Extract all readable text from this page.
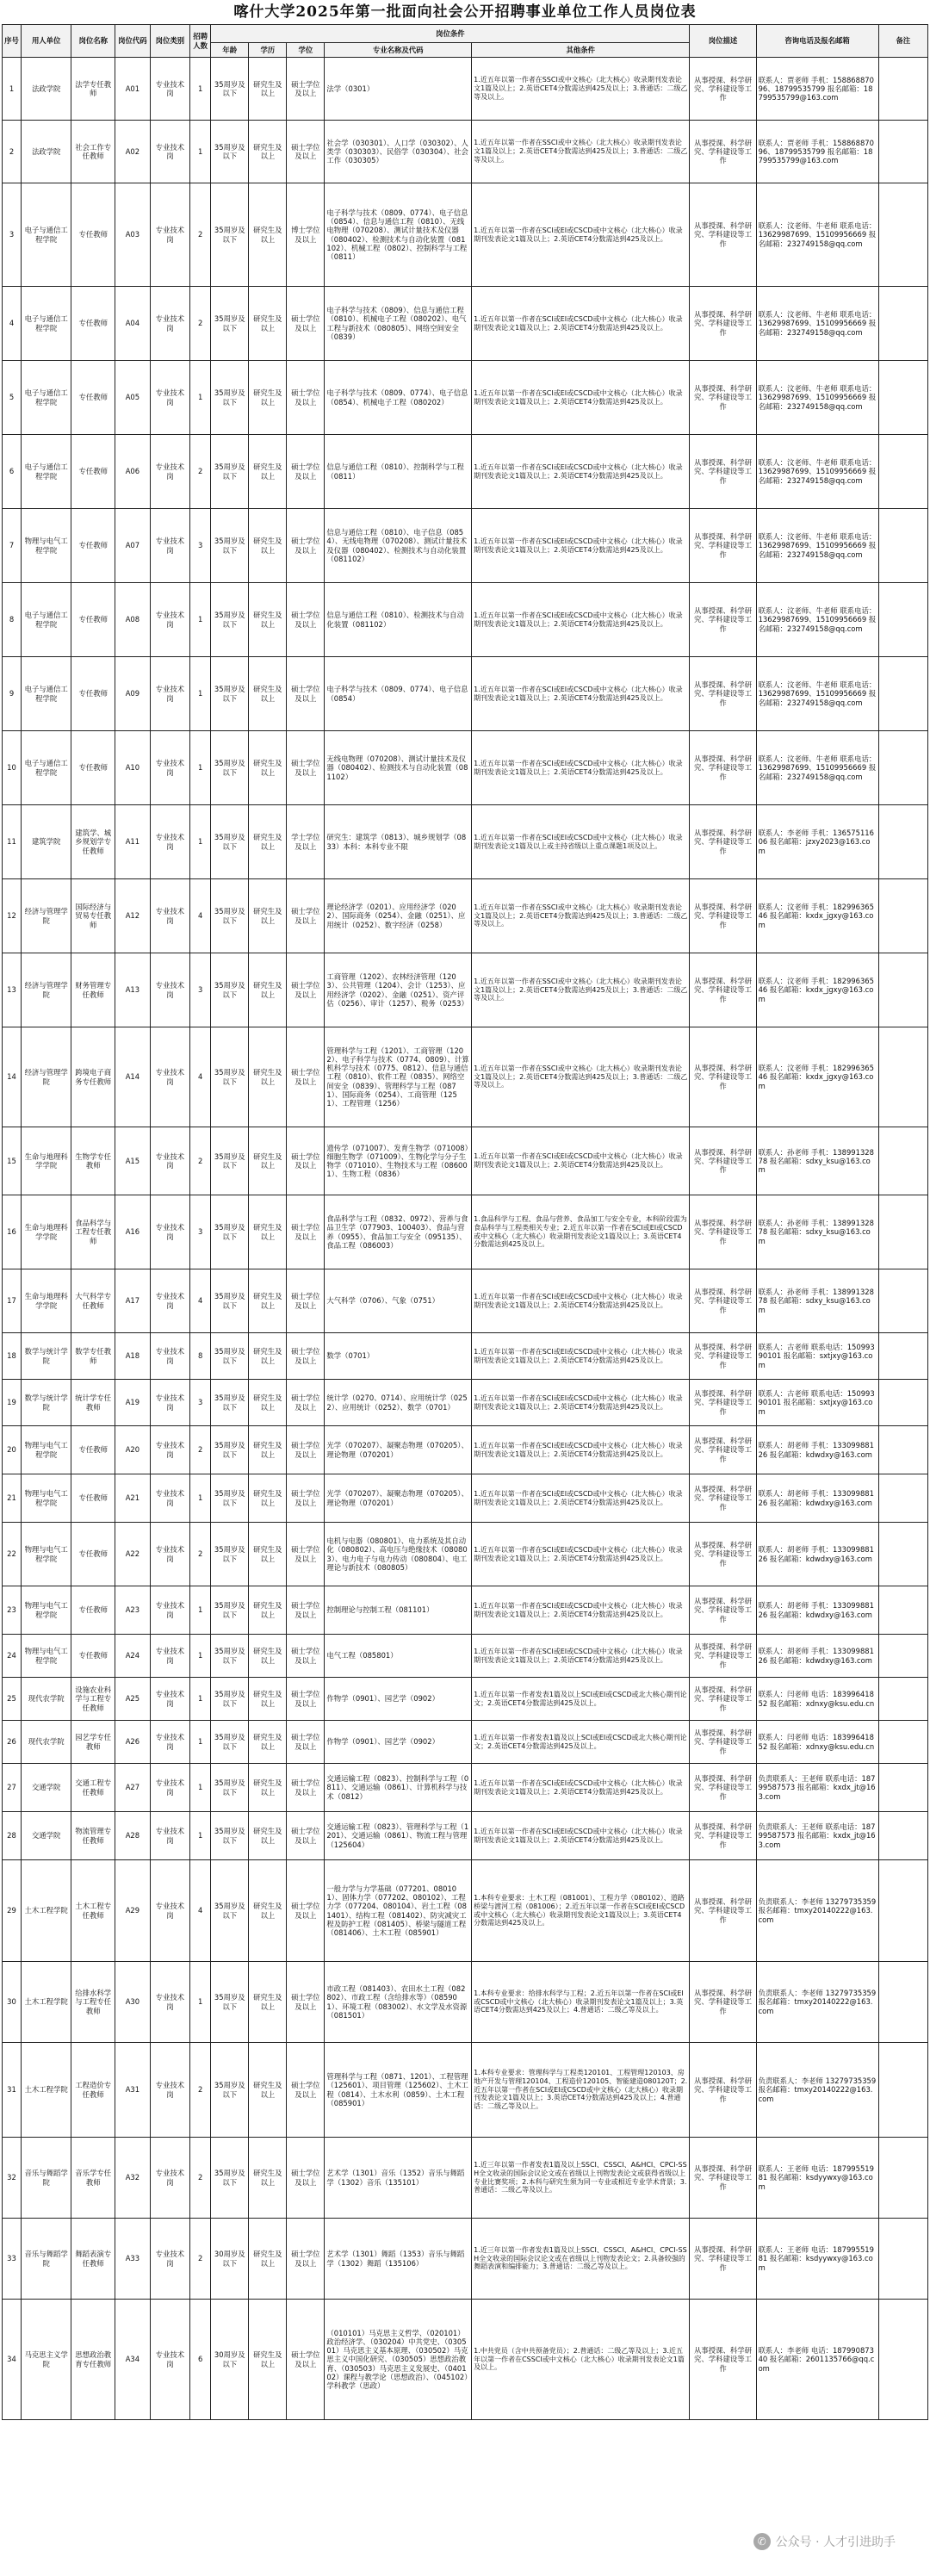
喀什大学2025年第一批面向社会公开招聘事业单位工作人员岗位表
序号	用人单位	岗位名称	岗位代码	岗位类别	招聘人数	岗位条件					岗位描述	咨询电话及报名邮箱	备注
						年龄	学历	学位	专业名称及代码	其他条件			
1	法政学院	法学专任教师	A01	专业技术岗	1	35周岁及以下	研究生及以上	硕士学位及以上	法学（0301）	1.近五年以第一作者在SSCI或中文核心（北大核心）收录期刊发表论文1篇及以上；2.英语CET4分数需达到425及以上；3.普通话：二级乙等及以上。	从事授课、科学研究、学科建设等工作	联系人：贾老师 手机：15886887096、18799535799 报名邮箱：18799535799@163.com	
2	法政学院	社会工作专任教师	A02	专业技术岗	1	35周岁及以下	研究生及以上	硕士学位及以上	社会学（030301）、人口学（030302）、人类学（030303）、民俗学（030304）、社会工作（030305）	1.近五年以第一作者在SSCI或中文核心（北大核心）收录期刊发表论文1篇及以上；2.英语CET4分数需达到425及以上；3.普通话：二级乙等及以上。	从事授课、科学研究、学科建设等工作	联系人：贾老师 手机：15886887096、18799535799 报名邮箱：18799535799@163.com	
3	电子与通信工程学院	专任教师	A03	专业技术岗	2	35周岁及以下	研究生及以上	博士学位及以上	电子科学与技术（0809、0774）、电子信息（0854）、信息与通信工程（0810）、无线电物理（070208）、测试计量技术及仪器（080402）、检测技术与自动化装置（081102）、机械工程（0802）、控制科学与工程（0811）	1.近五年以第一作者在SCI或EI或CSCD或中文核心（北大核心）收录期刊发表论文1篇及以上；2.英语CET4分数需达到425及以上。	从事授课、科学研究、学科建设等工作	联系人：汶老师、牛老师 联系电话：13629987699、15109956669 报名邮箱：232749158@qq.com	
4	电子与通信工程学院	专任教师	A04	专业技术岗	2	35周岁及以下	研究生及以上	硕士学位及以上	电子科学与技术（0809）、信息与通信工程（0810）、机械电子工程（080202）、电气工程与新技术（080805）、网络空间安全（0839）	1.近五年以第一作者在SCI或EI或CSCD或中文核心（北大核心）收录期刊发表论文1篇及以上；2.英语CET4分数需达到425及以上。	从事授课、科学研究、学科建设等工作	联系人：汶老师、牛老师 联系电话：13629987699、15109956669 报名邮箱：232749158@qq.com	
5	电子与通信工程学院	专任教师	A05	专业技术岗	1	35周岁及以下	研究生及以上	硕士学位及以上	电子科学与技术（0809、0774）、电子信息（0854）、机械电子工程（080202）	1.近五年以第一作者在SCI或EI或CSCD或中文核心（北大核心）收录期刊发表论文1篇及以上；2.英语CET4分数需达到425及以上。	从事授课、科学研究、学科建设等工作	联系人：汶老师、牛老师 联系电话：13629987699、15109956669 报名邮箱：232749158@qq.com	
6	电子与通信工程学院	专任教师	A06	专业技术岗	2	35周岁及以下	研究生及以上	硕士学位及以上	信息与通信工程（0810）、控制科学与工程（0811）	1.近五年以第一作者在SCI或EI或CSCD或中文核心（北大核心）收录期刊发表论文1篇及以上；2.英语CET4分数需达到425及以上。	从事授课、科学研究、学科建设等工作	联系人：汶老师、牛老师 联系电话：13629987699、15109956669 报名邮箱：232749158@qq.com	
7	物理与电气工程学院	专任教师	A07	专业技术岗	3	35周岁及以下	研究生及以上	硕士学位及以上	信息与通信工程（0810）、电子信息（0854）、无线电物理（070208）、测试计量技术及仪器（080402）、检测技术与自动化装置（081102）	1.近五年以第一作者在SCI或EI或CSCD或中文核心（北大核心）收录期刊发表论文1篇及以上；2.英语CET4分数需达到425及以上。	从事授课、科学研究、学科建设等工作	联系人：汶老师、牛老师 联系电话：13629987699、15109956669 报名邮箱：232749158@qq.com	
8	电子与通信工程学院	专任教师	A08	专业技术岗	1	35周岁及以下	研究生及以上	硕士学位及以上	信息与通信工程（0810）、检测技术与自动化装置（081102）	1.近五年以第一作者在SCI或EI或CSCD或中文核心（北大核心）收录期刊发表论文1篇及以上；2.英语CET4分数需达到425及以上。	从事授课、科学研究、学科建设等工作	联系人：汶老师、牛老师 联系电话：13629987699、15109956669 报名邮箱：232749158@qq.com	
9	电子与通信工程学院	专任教师	A09	专业技术岗	1	35周岁及以下	研究生及以上	硕士学位及以上	电子科学与技术（0809、0774）、电子信息（0854）	1.近五年以第一作者在SCI或EI或CSCD或中文核心（北大核心）收录期刊发表论文1篇及以上；2.英语CET4分数需达到425及以上。	从事授课、科学研究、学科建设等工作	联系人：汶老师、牛老师 联系电话：13629987699、15109956669 报名邮箱：232749158@qq.com	
10	电子与通信工程学院	专任教师	A10	专业技术岗	1	35周岁及以下	研究生及以上	硕士学位及以上	无线电物理（070208）、测试计量技术及仪器（080402）、检测技术与自动化装置（081102）	1.近五年以第一作者在SCI或EI或CSCD或中文核心（北大核心）收录期刊发表论文1篇及以上；2.英语CET4分数需达到425及以上。	从事授课、科学研究、学科建设等工作	联系人：汶老师、牛老师 联系电话：13629987699、15109956669 报名邮箱：232749158@qq.com	
11	建筑学院	建筑学、城乡规划学专任教师	A11	专业技术岗	1	35周岁及以下	研究生及以上	学士学位及以上	研究生：建筑学（0813）、城乡规划学（0833）本科：本科专业不限	1.近五年以第一作者在SCI或EI或CSCD或中文核心（北大核心）收录期刊发表论文1篇及以上或主持省级以上重点课题1项及以上。	从事授课、科学研究、学科建设等工作	联系人：李老师 手机：13657511606 报名邮箱：jzxy2023@163.com	
12	经济与管理学院	国际经济与贸易专任教师	A12	专业技术岗	4	35周岁及以下	研究生及以上	硕士学位及以上	理论经济学（0201）、应用经济学（0202）、国际商务（0254）、金融（0251）、应用统计（0252）、数字经济（0258）	1.近五年以第一作者在SSCI或中文核心（北大核心）收录期刊发表论文1篇及以上；2.英语CET4分数需达到425及以上；3.普通话：二级乙等及以上。	从事授课、科学研究、学科建设等工作	联系人：汶老师 手机：18299636546 报名邮箱：kxdx_jgxy@163.com	
13	经济与管理学院	财务管理专任教师	A13	专业技术岗	3	35周岁及以下	研究生及以上	硕士学位及以上	工商管理（1202）、农林经济管理（1203）、公共管理（1204）、会计（1253）、应用经济学（0202）、金融（0251）、资产评估（0256）、审计（1257）、税务（0253）	1.近五年以第一作者在SSCI或中文核心（北大核心）收录期刊发表论文1篇及以上；2.英语CET4分数需达到425及以上；3.普通话：二级乙等及以上。	从事授课、科学研究、学科建设等工作	联系人：汶老师 手机：18299636546 报名邮箱：kxdx_jgxy@163.com	
14	经济与管理学院	跨境电子商务专任教师	A14	专业技术岗	4	35周岁及以下	研究生及以上	硕士学位及以上	管理科学与工程（1201）、工商管理（1202）、电子科学与技术（0774、0809）、计算机科学与技术（0775、0812）、信息与通信工程（0810）、软件工程（0835）、网络空间安全（0839）、管理科学与工程（0871）、国际商务（0254）、工商管理（1251）、工程管理（1256）	1.近五年以第一作者在SSCI或中文核心（北大核心）收录期刊发表论文1篇及以上；2.英语CET4分数需达到425及以上；3.普通话：二级乙等及以上。	从事授课、科学研究、学科建设等工作	联系人：汶老师 手机：18299636546 报名邮箱：kxdx_jgxy@163.com	
15	生命与地理科学学院	生物学专任教师	A15	专业技术岗	2	35周岁及以下	研究生及以上	硕士学位及以上	遗传学（071007）、发育生物学（071008）细胞生物学（071009）、生物化学与分子生物学（071010）、生物技术与工程（086001）、生物工程（0836）	1.近五年以第一作者在SCI或EI或CSCD或中文核心（北大核心）收录期刊发表论文1篇及以上；2.英语CET4分数需达到425及以上。	从事授课、科学研究、学科建设等工作	联系人：孙老师 手机：13899132878 报名邮箱：sdxy_ksu@163.com	
16	生命与地理科学学院	食品科学与工程专任教师	A16	专业技术岗	3	35周岁及以下	研究生及以上	硕士学位及以上	食品科学与工程（0832、0972）、营养与食品卫生学（077903、100403）、食品与营养（0955）、食品加工与安全（095135）、食品工程（086003）	1.食品科学与工程、食品与营养、食品加工与安全专业，本科阶段需为食品科学与工程类相关专业；2.近五年以第一作者在SCI或EI或CSCD或中文核心（北大核心）收录期刊发表论文1篇及以上；3.英语CET4分数需达到425及以上。	从事授课、科学研究、学科建设等工作	联系人：孙老师 手机：13899132878 报名邮箱：sdxy_ksu@163.com	
17	生命与地理科学学院	大气科学专任教师	A17	专业技术岗	4	35周岁及以下	研究生及以上	硕士学位及以上	大气科学（0706）、气象（0751）	1.近五年以第一作者在SCI或EI或CSCD或中文核心（北大核心）收录期刊发表论文1篇及以上；2.英语CET4分数需达到425及以上。	从事授课、科学研究、学科建设等工作	联系人：孙老师 手机：13899132878 报名邮箱：sdxy_ksu@163.com	
18	数学与统计学院	数学专任教师	A18	专业技术岗	8	35周岁及以下	研究生及以上	硕士学位及以上	数学（0701）	1.近五年以第一作者在SCI或EI或CSCD或中文核心（北大核心）收录期刊发表论文1篇及以上；2.英语CET4分数需达到425及以上。	从事授课、科学研究、学科建设等工作	联系人：古老师 联系电话：15099390101 报名邮箱：sxtjxy@163.com	
19	数学与统计学院	统计学专任教师	A19	专业技术岗	3	35周岁及以下	研究生及以上	硕士学位及以上	统计学（0270、0714）、应用统计学（0252）、应用统计（0252）、数学（0701）	1.近五年以第一作者在SCI或EI或CSCD或中文核心（北大核心）收录期刊发表论文1篇及以上；2.英语CET4分数需达到425及以上。	从事授课、科学研究、学科建设等工作	联系人：古老师 联系电话：15099390101 报名邮箱：sxtjxy@163.com	
20	物理与电气工程学院	专任教师	A20	专业技术岗	2	35周岁及以下	研究生及以上	硕士学位及以上	光学（070207）、凝聚态物理（070205）、理论物理（070201）	1.近五年以第一作者在SCI或EI或CSCD或中文核心（北大核心）收录期刊发表论文1篇及以上；2.英语CET4分数需达到425及以上。	从事授课、科学研究、学科建设等工作	联系人：胡老师 手机：13309988126 报名邮箱：kdwdxy@163.com	
21	物理与电气工程学院	专任教师	A21	专业技术岗	1	35周岁及以下	研究生及以上	硕士学位及以上	光学（070207）、凝聚态物理（070205）、理论物理（070201）	1.近五年以第一作者在SCI或EI或CSCD或中文核心（北大核心）收录期刊发表论文1篇及以上；2.英语CET4分数需达到425及以上。	从事授课、科学研究、学科建设等工作	联系人：胡老师 手机：13309988126 报名邮箱：kdwdxy@163.com	
22	物理与电气工程学院	专任教师	A22	专业技术岗	2	35周岁及以下	研究生及以上	硕士学位及以上	电机与电器（080801）、电力系统及其自动化（080802）、高电压与绝缘技术（080803）、电力电子与电力传动（080804）、电工理论与新技术（080805）	1.近五年以第一作者在SCI或EI或CSCD或中文核心（北大核心）收录期刊发表论文1篇及以上；2.英语CET4分数需达到425及以上。	从事授课、科学研究、学科建设等工作	联系人：胡老师 手机：13309988126 报名邮箱：kdwdxy@163.com	
23	物理与电气工程学院	专任教师	A23	专业技术岗	1	35周岁及以下	研究生及以上	硕士学位及以上	控制理论与控制工程（081101）	1.近五年以第一作者在SCI或EI或CSCD或中文核心（北大核心）收录期刊发表论文1篇及以上；2.英语CET4分数需达到425及以上。	从事授课、科学研究、学科建设等工作	联系人：胡老师 手机：13309988126 报名邮箱：kdwdxy@163.com	
24	物理与电气工程学院	专任教师	A24	专业技术岗	1	35周岁及以下	研究生及以上	硕士学位及以上	电气工程（085801）	1.近五年以第一作者在SCI或EI或CSCD或中文核心（北大核心）收录期刊发表论文1篇及以上；2.英语CET4分数需达到425及以上。	从事授课、科学研究、学科建设等工作	联系人：胡老师 手机：13309988126 报名邮箱：kdwdxy@163.com	
25	现代农学院	设施农业科学与工程专任教师	A25	专业技术岗	1	35周岁及以下	研究生及以上	硕士学位及以上	作物学（0901）、园艺学（0902）	1.近五年以第一作者发表1篇及以上SCI或EI或CSCD或北大核心期刊论文；2.英语CET4分数需达到425及以上。	从事授课、科学研究、学科建设等工作	联系人：闫老师 电话：18399641852 报名邮箱：xdnxy@ksu.edu.cn	
26	现代农学院	园艺学专任教师	A26	专业技术岗	1	35周岁及以下	研究生及以上	硕士学位及以上	作物学（0901）、园艺学（0902）	1.近五年以第一作者发表1篇及以上SCI或EI或CSCD或北大核心期刊论文；2.英语CET4分数需达到425及以上。	从事授课、科学研究、学科建设等工作	联系人：闫老师 电话：18399641852 报名邮箱：xdnxy@ksu.edu.cn	
27	交通学院	交通工程专任教师	A27	专业技术岗	1	35周岁及以下	研究生及以上	硕士学位及以上	交通运输工程（0823）、控制科学与工程（0811）、交通运输（0861）、计算机科学与技术（0812）	1.近五年以第一作者在SCI或EI或CSCD或中文核心（北大核心）收录期刊发表论文1篇及以上；2.英语CET4分数需达到425及以上。	从事授课、科学研究、学科建设等工作	负责联系人：王老师 联系电话：18799587573 报名邮箱：kxdx_jt@163.com	
28	交通学院	物流管理专任教师	A28	专业技术岗	1	35周岁及以下	研究生及以上	硕士学位及以上	交通运输工程（0823）、管理科学与工程（1201）、交通运输（0861）、物流工程与管理（125604）	1.近五年以第一作者在SCI或EI或CSCD或中文核心（北大核心）收录期刊发表论文1篇及以上；2.英语CET4分数需达到425及以上。	从事授课、科学研究、学科建设等工作	负责联系人：王老师 联系电话：18799587573 报名邮箱：kxdx_jt@163.com	
29	土木工程学院	土木工程专任教师	A29	专业技术岗	4	35周岁及以下	研究生及以上	硕士学位及以上	一般力学与力学基础（077201、080101）、固体力学（077202、080102）、工程力学（077204、080104）、岩土工程（081401）、结构工程（081402）、防灾减灾工程及防护工程（081405）、桥梁与隧道工程（081406）、土木工程（085901）	1.本科专业要求：土木工程（081001）、工程力学（080102）、道路桥梁与渡河工程（081006）；2.近五年以第一作者在SCI或EI或CSCD或中文核心（北大核心）收录期刊发表论文1篇及以上；3.英语CET4分数需达到425及以上。	从事授课、科学研究、学科建设等工作	负责联系人：李老师 13279735359 报名邮箱：tmxy20140222@163.com	
30	土木工程学院	给排水科学与工程专任教师	A30	专业技术岗	1	35周岁及以下	研究生及以上	硕士学位及以上	市政工程（081403）、农田水土工程（082802）、市政工程（含给排水等）（085901）、环境工程（083002）、水文学及水资源（081501）	1.本科专业要求：给排水科学与工程；2.近五年以第一作者在SCI或EI或CSCD或中文核心（北大核心）收录期刊发表论文1篇及以上；3.英语CET4分数需达到425及以上；4.普通话：二级乙等及以上。	从事授课、科学研究、学科建设等工作	负责联系人：李老师 13279735359 报名邮箱：tmxy20140222@163.com	
31	土木工程学院	工程造价专任教师	A31	专业技术岗	2	35周岁及以下	研究生及以上	硕士学位及以上	管理科学与工程（0871、1201）、工程管理（125601）、项目管理（125602）、土木工程（0814）、土木水利（0859）、土木工程（085901）	1.本科专业要求：管理科学与工程类120101、工程管理120103、房地产开发与管理120104、工程造价120105、智能建造080120T；2.近五年以第一作者在SCI或EI或CSCD或中文核心（北大核心）收录期刊发表论文1篇及以上；3.英语CET4分数需达到425及以上；4.普通话：二级乙等及以上。	从事授课、科学研究、学科建设等工作	负责联系人：李老师 13279735359 报名邮箱：tmxy20140222@163.com	
32	音乐与舞蹈学院	音乐学专任教师	A32	专业技术岗	2	35周岁及以下	研究生及以上	硕士学位及以上	艺术学（1301）音乐（1352）音乐与舞蹈学（1302）音乐（135101）	1.近三年以第一作者发表1篇及以上SSCI、CSSCI、A&HCI、CPCI-SSH全文收录的国际会议论文或在省级以上刊物发表论文或获得省级以上专业比赛奖项；2.本科与研究生须为同一专业或相近专业学术背景；3.普通话：二级乙等及以上。	从事授课、科学研究、学科建设等工作	联系人：王老师 电话：18799551981 报名邮箱：ksdyywxy@163.com	
33	音乐与舞蹈学院	舞蹈表演专任教师	A33	专业技术岗	2	30周岁及以下	研究生及以上	硕士学位及以上	艺术学（1301）舞蹈（1353）音乐与舞蹈学（1302）舞蹈（135106）	1.近三年以第一作者发表1篇及以上SSCI、CSSCI、A&HCI、CPCI-SSH全文收录的国际会议论文或在省级以上刊物发表论文；2.具备较强的舞蹈表演和编排能力；3.普通话：二级乙等及以上。	从事授课、科学研究、学科建设等工作	联系人：王老师 电话：18799551981 报名邮箱：ksdyywxy@163.com	
34	马克思主义学院	思想政治教育专任教师	A34	专业技术岗	6	30周岁及以下	研究生及以上	硕士学位及以上	（010101）马克思主义哲学、（020101）政治经济学、（030204）中共党史、（030501）马克思主义基本原理、（030502）马克思主义中国化研究、（030505）思想政治教育、（030503）马克思主义发展史、（040102）课程与教学论（思想政治）、（045102）学科教学（思政）	1.中共党员（含中共预备党员）；2.普通话：二级乙等及以上；3.近五年以第一作者在CSSCI或中文核心（北大核心）收录期刊发表论文1篇及以上。	从事授课、科学研究、学科建设等工作	联系人：李老师 电话：18799087340 报名邮箱：2601135766@qq.com	
✆ 公众号 · 人才引进助手
